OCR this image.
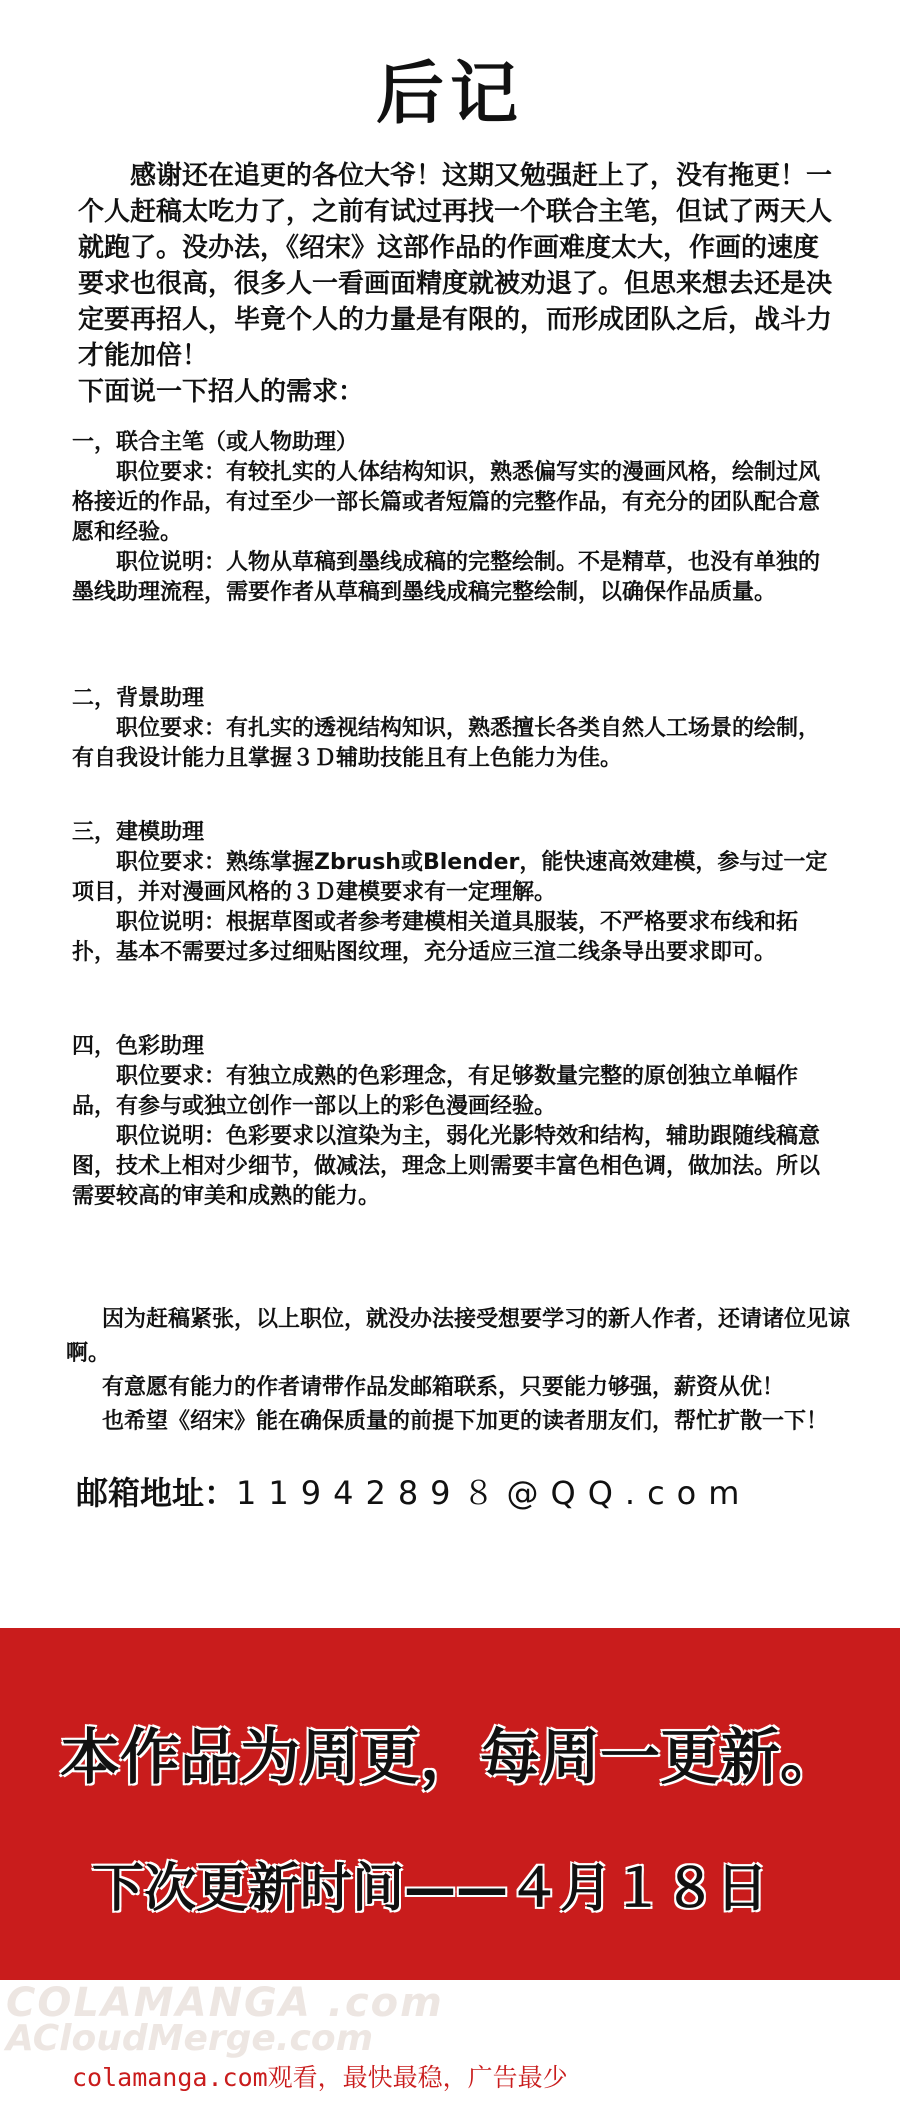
后记

感谢还在追更的各位大爷！这期又勉强赶上了，没有拖更！一个人赶稿太吃力了，之前有试过再找一个联合主笔，但试了两天人就跑了。没办法，《绍宋》这部作品的作画难度太大，作画的速度要求也很高，很多人一看画面精度就被劝退了。但思来想去还是决定要再招人，毕竟个人的力量是有限的，而形成团队之后，战斗力才能加倍！

下面说一下招人的需求：

一，联合主笔（或人物助理）

职位要求：有较扎实的人体结构知识，熟悉偏写实的漫画风格，绘制过风格接近的作品，有过至少一部长篇或者短篇的完整作品，有充分的团队配合意愿和经验。

职位说明：人物从草稿到墨线成稿的完整绘制。不是精草，也没有单独的墨线助理流程，需要作者从草稿到墨线成稿完整绘制，以确保作品质量。

二，背景助理

职位要求：有扎实的透视结构知识，熟悉擅长各类自然人工场景的绘制，有自我设计能力且掌握３Ｄ辅助技能且有上色能力为佳。

三，建模助理

职位要求：熟练掌握Zbrush或Blender，能快速高效建模，参与过一定项目，并对漫画风格的３Ｄ建模要求有一定理解。

职位说明：根据草图或者参考建模相关道具服装，不严格要求布线和拓扑，基本不需要过多过细贴图纹理，充分适应三渲二线条导出要求即可。

四，色彩助理

职位要求：有独立成熟的色彩理念，有足够数量完整的原创独立单幅作品，有参与或独立创作一部以上的彩色漫画经验。

职位说明：色彩要求以渲染为主，弱化光影特效和结构，辅助跟随线稿意图，技术上相对少细节，做减法，理念上则需要丰富色相色调，做加法。所以需要较高的审美和成熟的能力。

因为赶稿紧张，以上职位，就没办法接受想要学习的新人作者，还请诸位见谅啊。

有意愿有能力的作者请带作品发邮箱联系，只要能力够强，薪资从优！

也希望《绍宋》能在确保质量的前提下加更的读者朋友们，帮忙扩散一下！

邮箱地址：1194289８@QQ.com
本作品为周更，每周一更新。
下次更新时间——４月１８日
COLAMANGA .com
ACloudMerge.com
colamanga.com观看，最快最稳，广告最少
